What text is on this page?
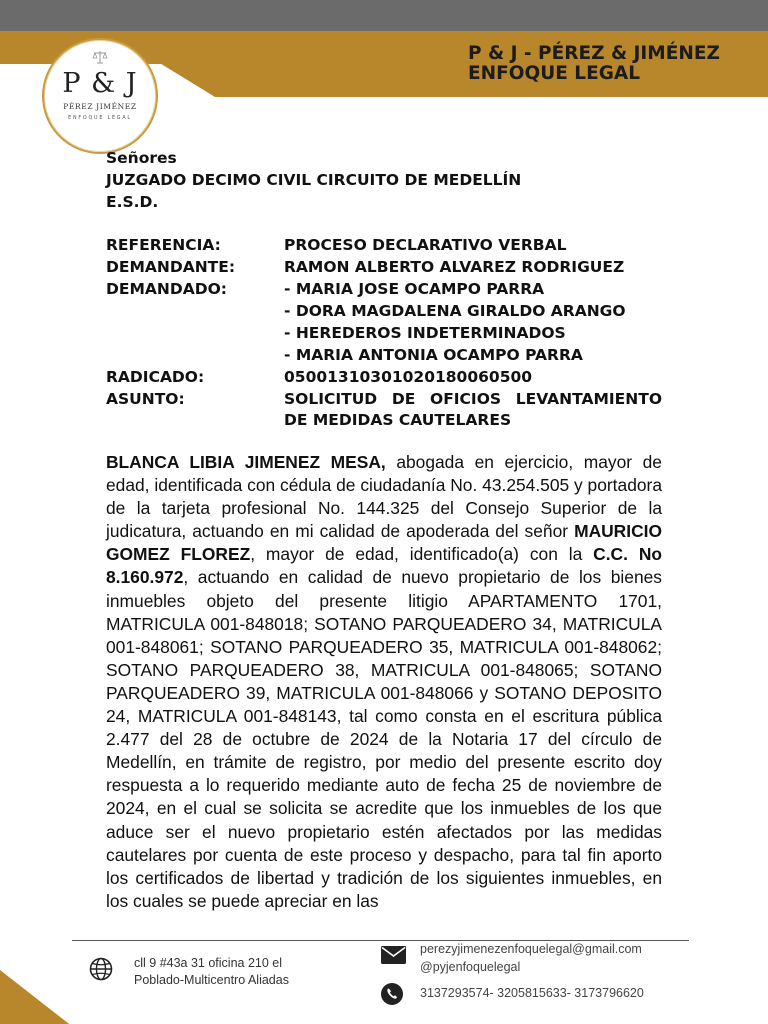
P & J - PÉREZ & JIMÉNEZ
ENFOQUE LEGAL
P & J
PÉREZ JIMÉNEZ
ENFOQUE LEGAL
Señores
JUZGADO DECIMO CIVIL CIRCUITO DE MEDELLÍN
E.S.D.
REFERENCIA:	PROCESO DECLARATIVO VERBAL
DEMANDANTE:	RAMON ALBERTO ALVAREZ RODRIGUEZ
DEMANDADO:	- MARIA JOSE OCAMPO PARRA
- DORA MAGDALENA GIRALDO ARANGO
- HEREDEROS INDETERMINADOS
- MARIA ANTONIA OCAMPO PARRA
RADICADO:	05001310301020180060500
ASUNTO:	SOLICITUD DE OFICIOS LEVANTAMIENTO DE MEDIDAS CAUTELARES
BLANCA LIBIA JIMENEZ MESA, abogada en ejercicio, mayor de edad, identificada con cédula de ciudadanía No. 43.254.505 y portadora de la tarjeta profesional No. 144.325 del Consejo Superior de la judicatura, actuando en mi calidad de apoderada del señor MAURICIO GOMEZ FLOREZ, mayor de edad, identificado(a) con la C.C. No 8.160.972, actuando en calidad de nuevo propietario de los bienes inmuebles objeto del presente litigio APARTAMENTO 1701, MATRICULA 001-848018; SOTANO PARQUEADERO 34, MATRICULA 001-848061; SOTANO PARQUEADERO 35, MATRICULA 001-848062; SOTANO PARQUEADERO 38, MATRICULA 001-848065; SOTANO PARQUEADERO 39, MATRICULA 001-848066 y SOTANO DEPOSITO 24, MATRICULA 001-848143, tal como consta en el escritura pública 2.477 del 28 de octubre de 2024 de la Notaria 17 del círculo de Medellín, en trámite de registro, por medio del presente escrito doy respuesta a lo requerido mediante auto de fecha 25 de noviembre de 2024, en el cual se solicita se acredite que los inmuebles de los que aduce ser el nuevo propietario estén afectados por las medidas cautelares por cuenta de este proceso y despacho, para tal fin aporto los certificados de libertad y tradición de los siguientes inmuebles, en los cuales se puede apreciar en las
cll 9 #43a 31 oficina 210 el
Poblado-Multicentro Aliadas
perezyjimenezenfoquelegal@gmail.com
@pyjenfoquelegal
3137293574- 3205815633- 3173796620
